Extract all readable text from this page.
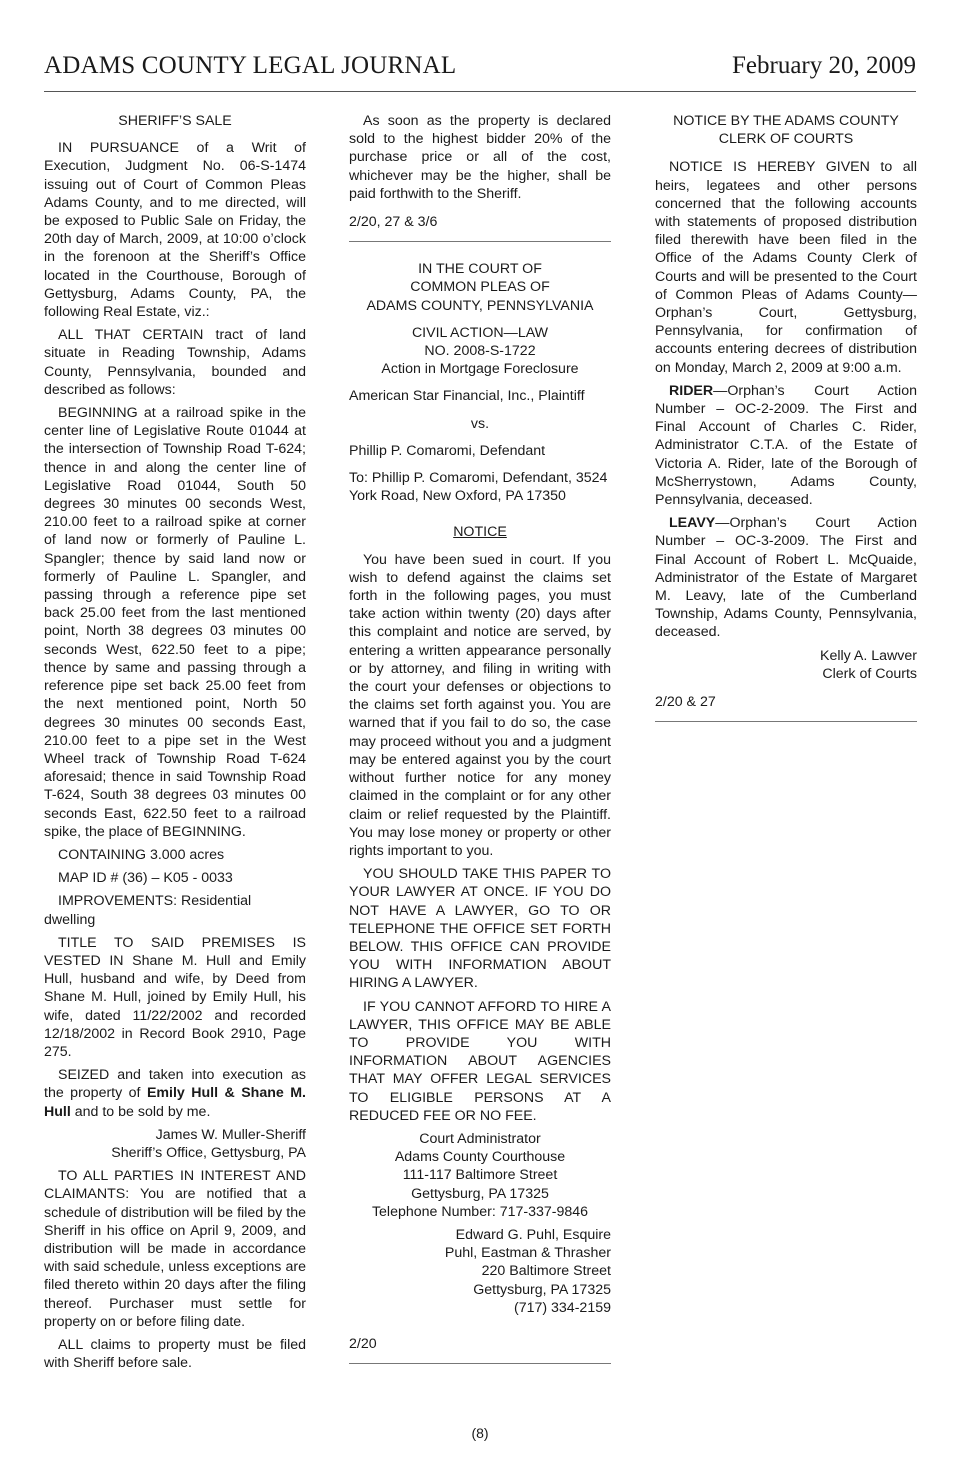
ADAMS COUNTY LEGAL JOURNAL	February 20, 2009

SHERIFF’S SALE

IN PURSUANCE of a Writ of Execution, Judgment No. 06-S-1474 issuing out of Court of Common Pleas Adams County, and to me directed, will be exposed to Public Sale on Friday, the 20th day of March, 2009, at 10:00 o’clock in the forenoon at the Sheriff’s Office located in the Courthouse, Borough of Gettysburg, Adams County, PA, the following Real Estate, viz.:

ALL THAT CERTAIN tract of land situate in Reading Township, Adams County, Pennsylvania, bounded and described as follows:

BEGINNING at a railroad spike in the center line of Legislative Route 01044 at the intersection of Township Road T-624; thence in and along the center line of Legislative Road 01044, South 50 degrees 30 minutes 00 seconds West, 210.00 feet to a railroad spike at corner of land now or formerly of Pauline L. Spangler; thence by said land now or formerly of Pauline L. Spangler, and passing through a reference pipe set back 25.00 feet from the last mentioned point, North 38 degrees 03 minutes 00 seconds West, 622.50 feet to a pipe; thence by same and passing through a reference pipe set back 25.00 feet from the next mentioned point, North 50 degrees 30 minutes 00 seconds East, 210.00 feet to a pipe set in the West Wheel track of Township Road T-624 aforesaid; thence in said Township Road T-624, South 38 degrees 03 minutes 00 seconds East, 622.50 feet to a railroad spike, the place of BEGINNING.

CONTAINING 3.000 acres

MAP ID # (36) – K05 - 0033

IMPROVEMENTS: Residential dwelling

TITLE TO SAID PREMISES IS VESTED IN Shane M. Hull and Emily Hull, husband and wife, by Deed from Shane M. Hull, joined by Emily Hull, his wife, dated 11/22/2002 and recorded 12/18/2002 in Record Book 2910, Page 275.

SEIZED and taken into execution as the property of Emily Hull & Shane M. Hull and to be sold by me.

James W. Muller-Sheriff
Sheriff’s Office, Gettysburg, PA

TO ALL PARTIES IN INTEREST AND CLAIMANTS: You are notified that a schedule of distribution will be filed by the Sheriff in his office on April 9, 2009, and distribution will be made in accordance with said schedule, unless exceptions are filed thereto within 20 days after the filing thereof. Purchaser must settle for property on or before filing date.

ALL claims to property must be filed with Sheriff before sale.

As soon as the property is declared sold to the highest bidder 20% of the purchase price or all of the cost, whichever may be the higher, shall be paid forthwith to the Sheriff.

2/20, 27 & 3/6

IN THE COURT OF
COMMON PLEAS OF
ADAMS COUNTY, PENNSYLVANIA
CIVIL ACTION—LAW
NO. 2008-S-1722
Action in Mortgage Foreclosure

American Star Financial, Inc., Plaintiff

vs.

Phillip P. Comaromi, Defendant

To: Phillip P. Comaromi, Defendant, 3524 York Road, New Oxford, PA 17350

NOTICE

You have been sued in court. If you wish to defend against the claims set forth in the following pages, you must take action within twenty (20) days after this complaint and notice are served, by entering a written appearance personally or by attorney, and filing in writing with the court your defenses or objections to the claims set forth against you. You are warned that if you fail to do so, the case may proceed without you and a judgment may be entered against you by the court without further notice for any money claimed in the complaint or for any other claim or relief requested by the Plaintiff. You may lose money or property or other rights important to you.

YOU SHOULD TAKE THIS PAPER TO YOUR LAWYER AT ONCE. IF YOU DO NOT HAVE A LAWYER, GO TO OR TELEPHONE THE OFFICE SET FORTH BELOW. THIS OFFICE CAN PROVIDE YOU WITH INFORMATION ABOUT HIRING A LAWYER.

IF YOU CANNOT AFFORD TO HIRE A LAWYER, THIS OFFICE MAY BE ABLE TO PROVIDE YOU WITH INFORMATION ABOUT AGENCIES THAT MAY OFFER LEGAL SERVICES TO ELIGIBLE PERSONS AT A REDUCED FEE OR NO FEE.

Court Administrator
Adams County Courthouse
111-117 Baltimore Street
Gettysburg, PA 17325
Telephone Number: 717-337-9846
Edward G. Puhl, Esquire
Puhl, Eastman & Thrasher
220 Baltimore Street
Gettysburg, PA 17325
(717) 334-2159

2/20

NOTICE BY THE ADAMS COUNTY
CLERK OF COURTS

NOTICE IS HEREBY GIVEN to all heirs, legatees and other persons concerned that the following accounts with statements of proposed distribution filed therewith have been filed in the Office of the Adams County Clerk of Courts and will be presented to the Court of Common Pleas of Adams County—Orphan’s Court, Gettysburg, Pennsylvania, for confirmation of accounts entering decrees of distribution on Monday, March 2, 2009 at 9:00 a.m.

RIDER—Orphan’s Court Action Number – OC-2-2009. The First and Final Account of Charles C. Rider, Administrator C.T.A. of the Estate of Victoria A. Rider, late of the Borough of McSherrystown, Adams County, Pennsylvania, deceased.

LEAVY—Orphan’s Court Action Number – OC-3-2009. The First and Final Account of Robert L. McQuaide, Administrator of the Estate of Margaret M. Leavy, late of the Cumberland Township, Adams County, Pennsylvania, deceased.

Kelly A. Lawver
Clerk of Courts

2/20 & 27

(8)
